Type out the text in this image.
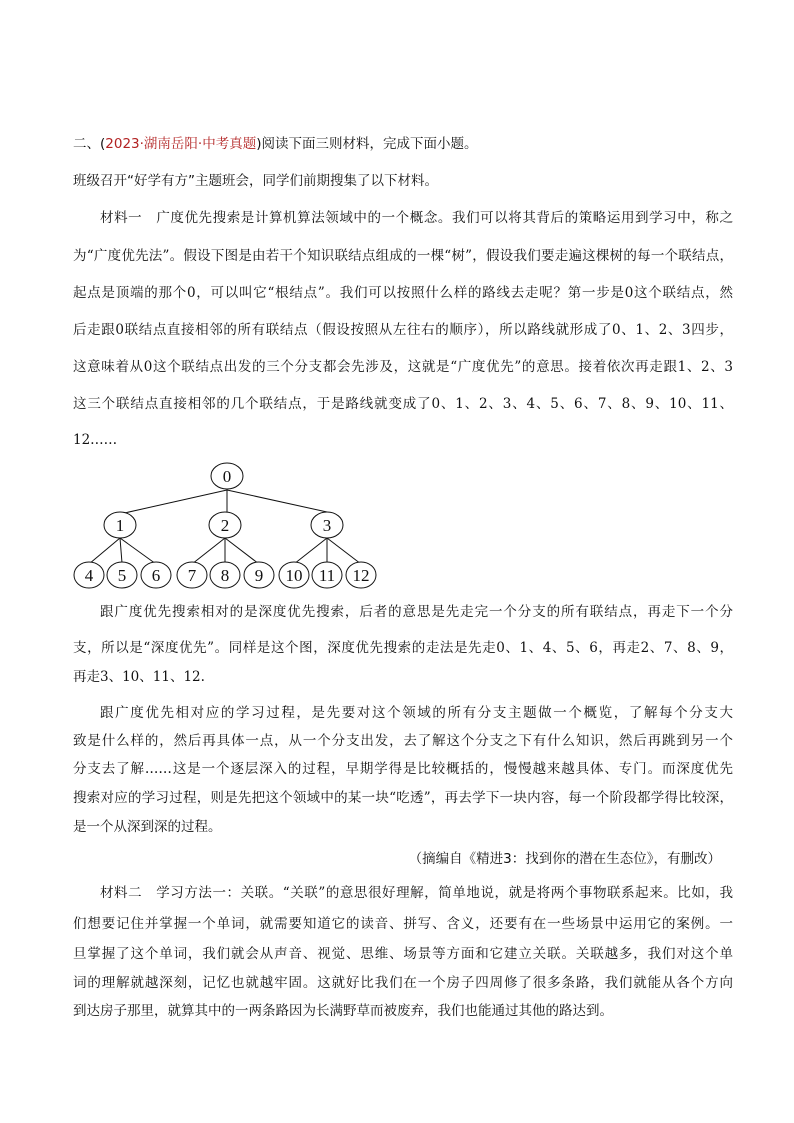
二、(2023·湖南岳阳·中考真题)阅读下面三则材料，完成下面小题。
班级召开“好学有方”主题班会，同学们前期搜集了以下材料。
材料一　广度优先搜索是计算机算法领域中的一个概念。我们可以将其背后的策略运用到学习中，称之
为“广度优先法”。假设下图是由若干个知识联结点组成的一棵“树”，假设我们要走遍这棵树的每一个联结点，
起点是顶端的那个0，可以叫它“根结点”。我们可以按照什么样的路线去走呢？第一步是0这个联结点，然
后走跟0联结点直接相邻的所有联结点（假设按照从左往右的顺序），所以路线就形成了0、1、2、3四步，
这意味着从0这个联结点出发的三个分支都会先涉及，这就是“广度优先”的意思。接着依次再走跟1、2、3
这三个联结点直接相邻的几个联结点，于是路线就变成了0、1、2、3、4、5、6、7、8、9、10、11、
12……
0
1	2	3
4 5 6 7 8 9 10 11 12
跟广度优先搜索相对的是深度优先搜索，后者的意思是先走完一个分支的所有联结点，再走下一个分
支，所以是“深度优先”。同样是这个图，深度优先搜索的走法是先走0、1、4、5、6，再走2、7、8、9，
再走3、10、11、12.
跟广度优先相对应的学习过程，是先要对这个领域的所有分支主题做一个概览，了解每个分支大
致是什么样的，然后再具体一点，从一个分支出发，去了解这个分支之下有什么知识，然后再跳到另一个
分支去了解……这是一个逐层深入的过程，早期学得是比较概括的，慢慢越来越具体、专门。而深度优先
搜索对应的学习过程，则是先把这个领域中的某一块“吃透”，再去学下一块内容，每一个阶段都学得比较深，
是一个从深到深的过程。
（摘编自《精进3：找到你的潜在生态位》，有删改）
材料二　学习方法一：关联。“关联”的意思很好理解，简单地说，就是将两个事物联系起来。比如，我
们想要记住并掌握一个单词，就需要知道它的读音、拼写、含义，还要有在一些场景中运用它的案例。一
旦掌握了这个单词，我们就会从声音、视觉、思维、场景等方面和它建立关联。关联越多，我们对这个单
词的理解就越深刻，记忆也就越牢固。这就好比我们在一个房子四周修了很多条路，我们就能从各个方向
到达房子那里，就算其中的一两条路因为长满野草而被废弃，我们也能通过其他的路达到。
